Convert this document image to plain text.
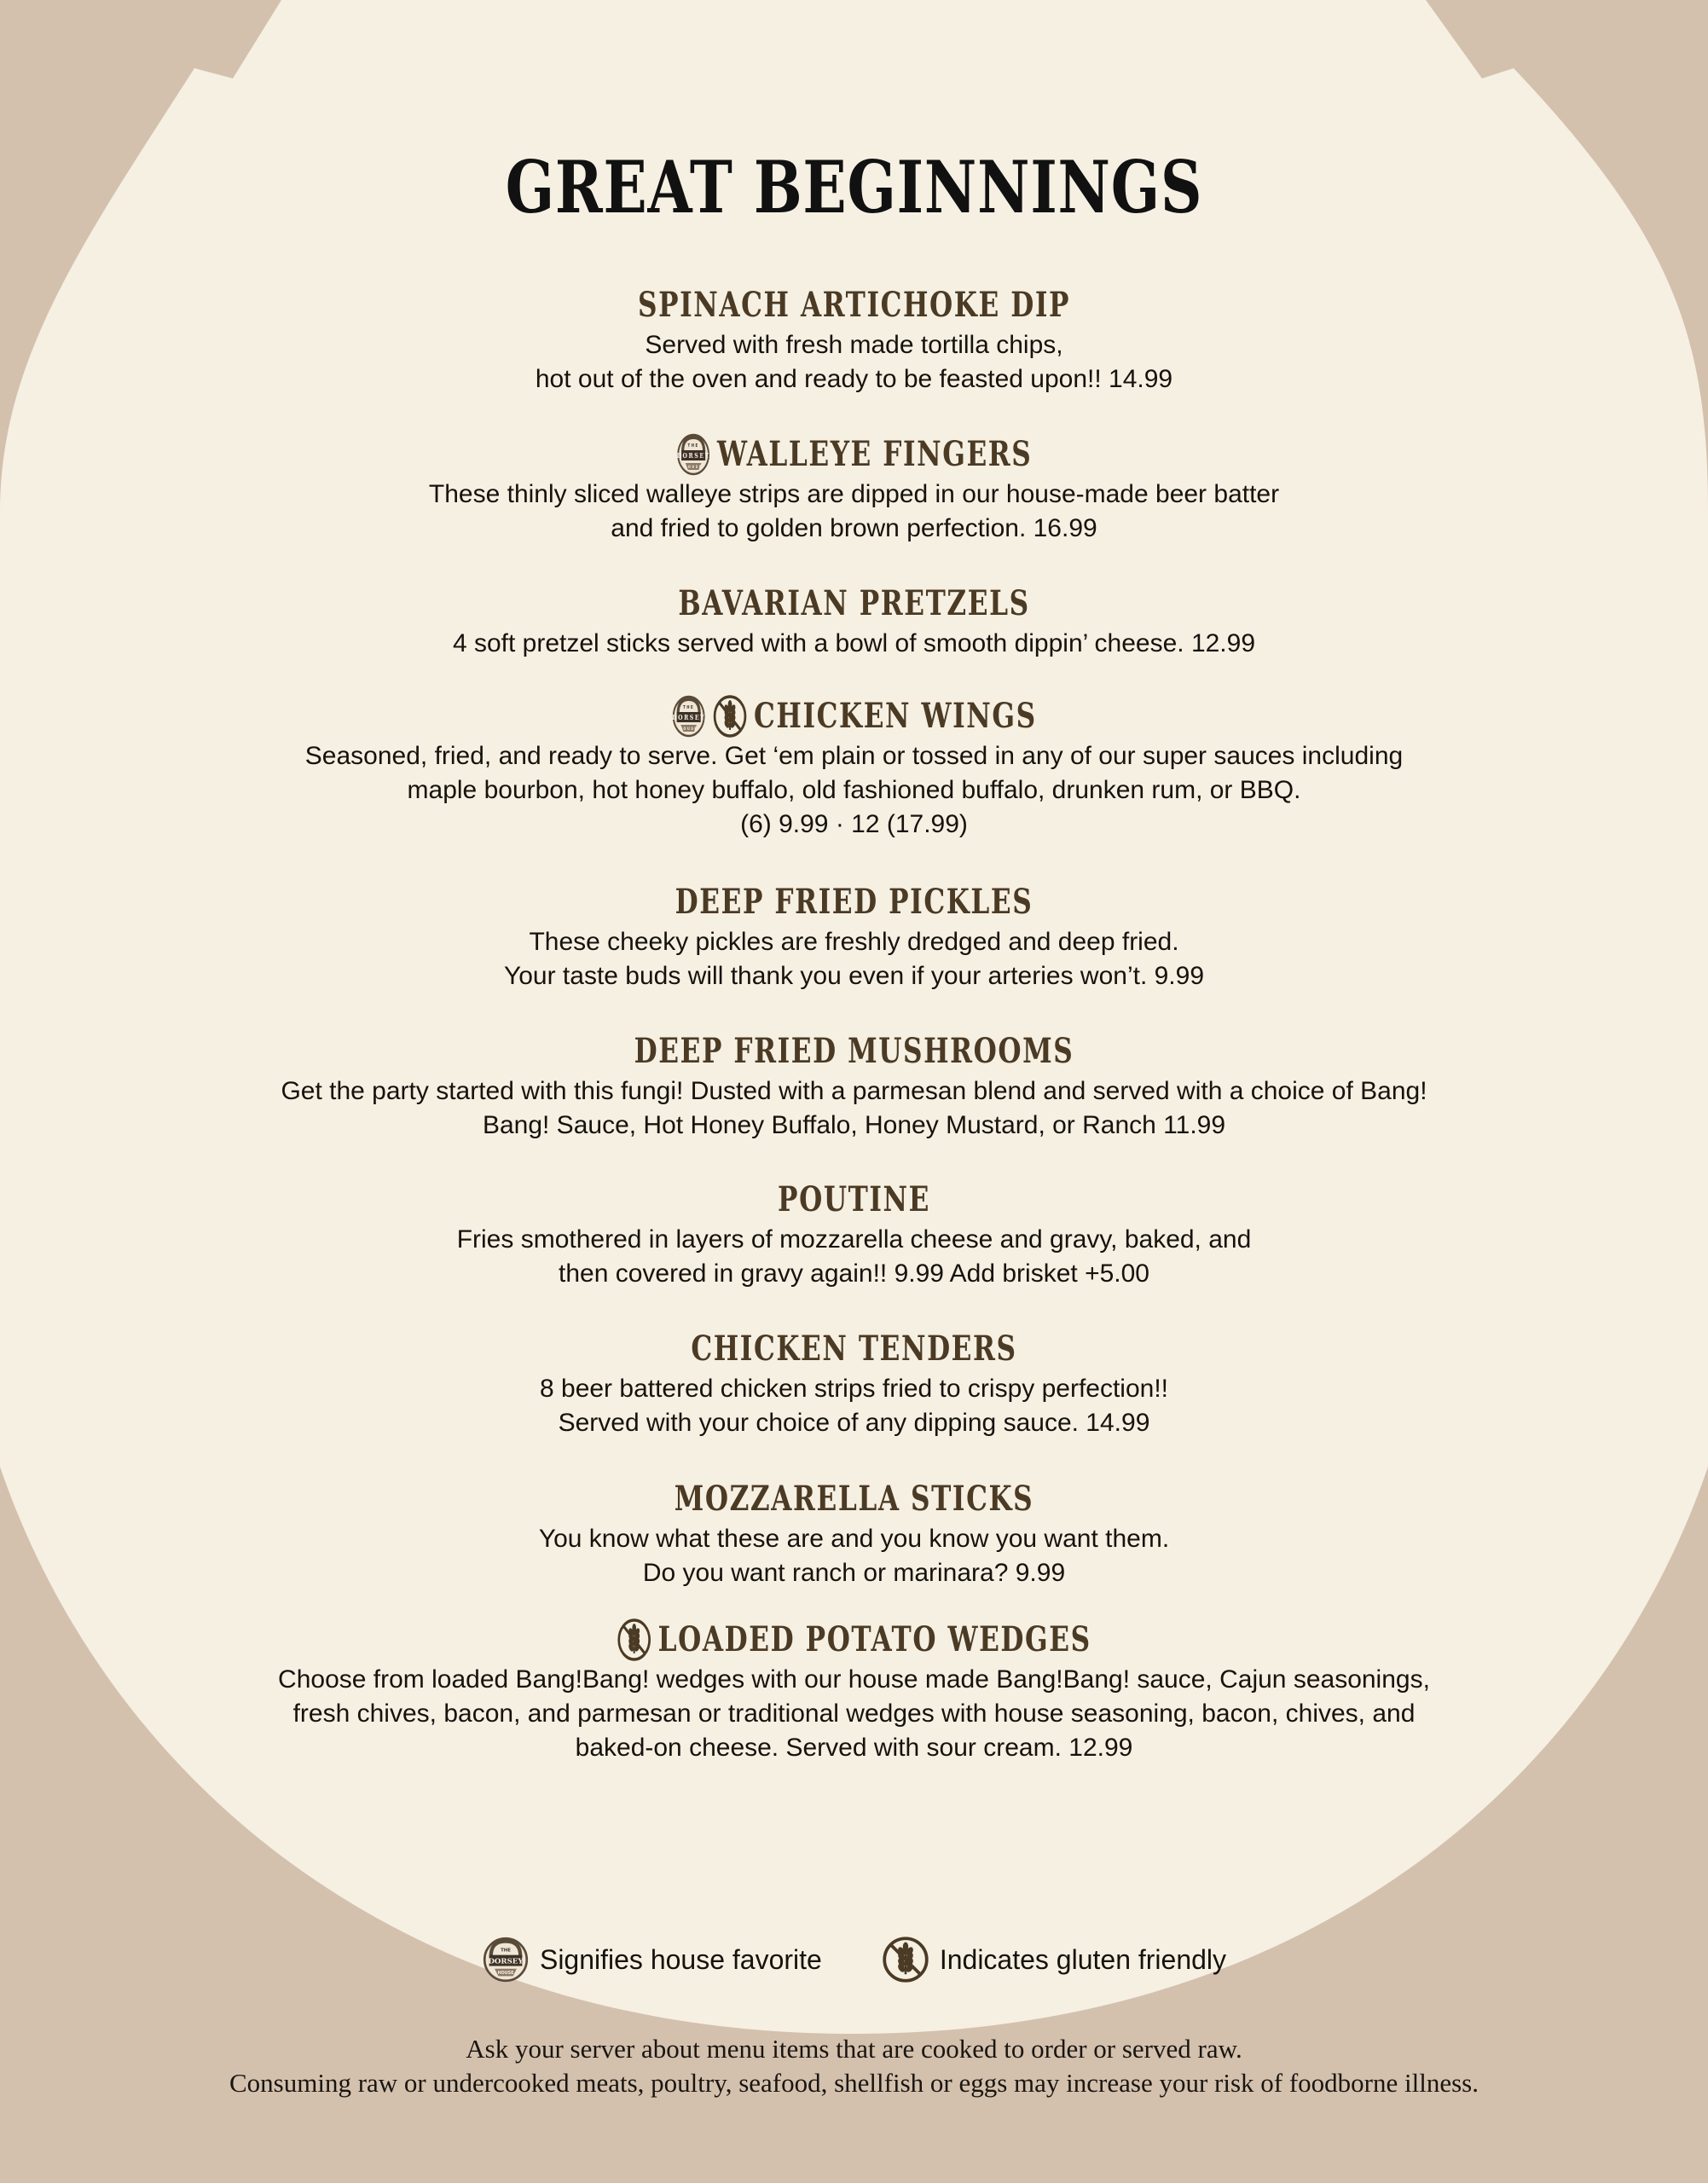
GREAT BEGINNINGS
SPINACH ARTICHOKE DIP
Served with fresh made tortilla chips,
hot out of the oven and ready to be feasted upon!! 14.99
THE
DORSEY
HOUSE WALLEYE FINGERS
These thinly sliced walleye strips are dipped in our house-made beer batter
and fried to golden brown perfection. 16.99
BAVARIAN PRETZELS
4 soft pretzel sticks served with a bowl of smooth dippin’ cheese. 12.99
THE
DORSEY
HOUSE CHICKEN WINGS
Seasoned, fried, and ready to serve. Get ‘em plain or tossed in any of our super sauces including
maple bourbon, hot honey buffalo, old fashioned buffalo, drunken rum, or BBQ.
(6) 9.99 · 12 (17.99)
DEEP FRIED PICKLES
These cheeky pickles are freshly dredged and deep fried.
Your taste buds will thank you even if your arteries won’t. 9.99
DEEP FRIED MUSHROOMS
Get the party started with this fungi! Dusted with a parmesan blend and served with a choice of Bang!
Bang! Sauce, Hot Honey Buffalo, Honey Mustard, or Ranch 11.99
POUTINE
Fries smothered in layers of mozzarella cheese and gravy, baked, and
then covered in gravy again!! 9.99 Add brisket +5.00
CHICKEN TENDERS
8 beer battered chicken strips fried to crispy perfection!!
Served with your choice of any dipping sauce. 14.99
MOZZARELLA STICKS
You know what these are and you know you want them.
Do you want ranch or marinara? 9.99
LOADED POTATO WEDGES
Choose from loaded Bang!Bang! wedges with our house made Bang!Bang! sauce, Cajun seasonings,
fresh chives, bacon, and parmesan or traditional wedges with house seasoning, bacon, chives, and
baked-on cheese. Served with sour cream. 12.99
THE
DORSEY
HOUSE Signifies house favorite	Indicates gluten friendly
Ask your server about menu items that are cooked to order or served raw.
Consuming raw or undercooked meats, poultry, seafood, shellfish or eggs may increase your risk of foodborne illness.
